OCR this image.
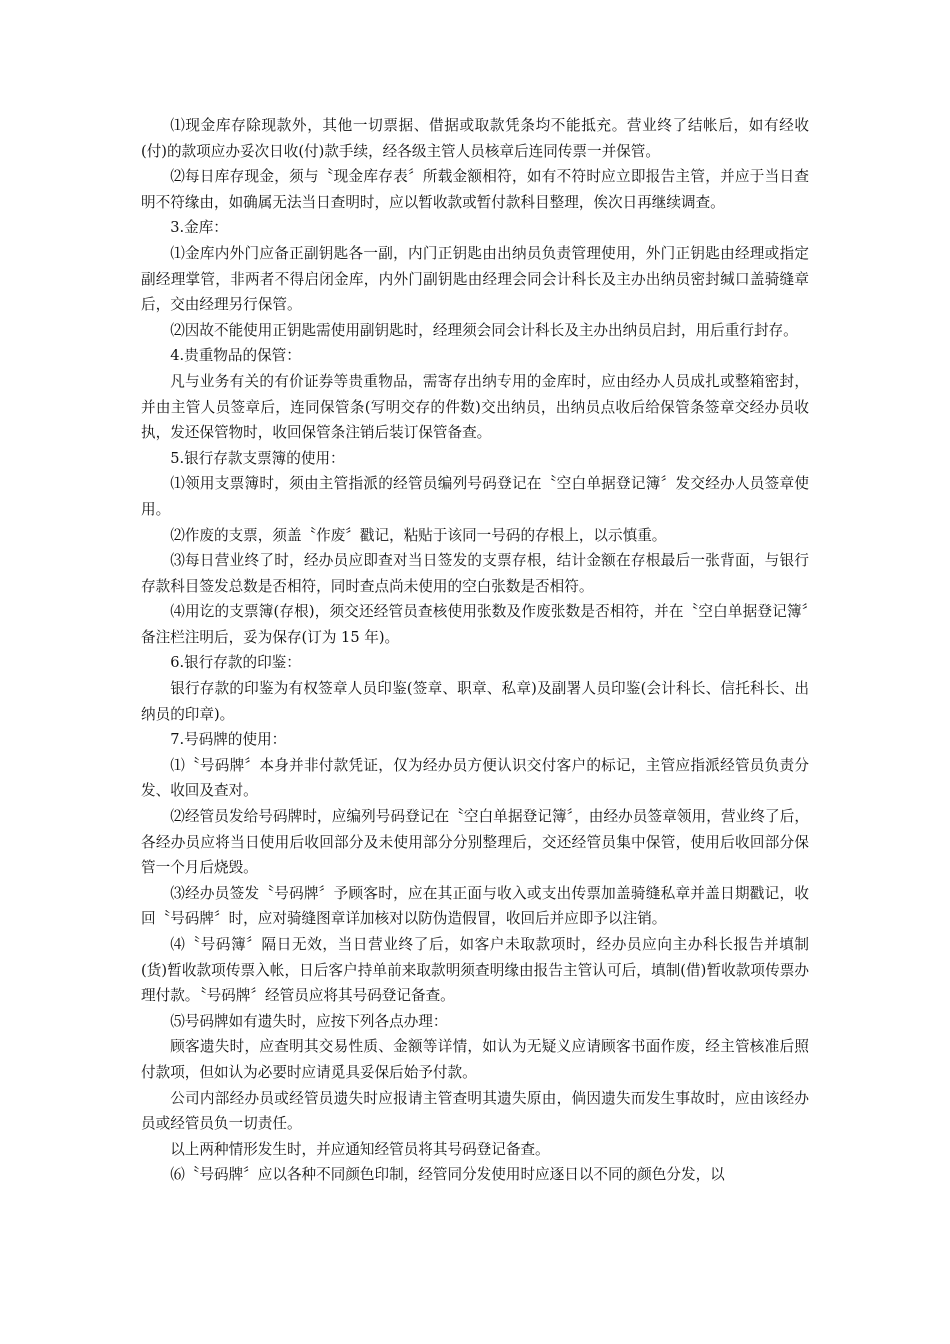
⑴现金库存除现款外，其他一切票据、借据或取款凭条均不能抵充。营业终了结帐后，如有经收(付)的款项应办妥次日收(付)款手续，经各级主管人员核章后连同传票一并保管。

⑵每日库存现金，须与〝现金库存表〞所载金额相符，如有不符时应立即报告主管，并应于当日查明不符缘由，如确属无法当日查明时，应以暂收款或暂付款科目整理，俟次日再继续调查。

3.金库：

⑴金库内外门应备正副钥匙各一副，内门正钥匙由出纳员负责管理使用，外门正钥匙由经理或指定副经理掌管，非两者不得启闭金库，内外门副钥匙由经理会同会计科长及主办出纳员密封缄口盖骑缝章后，交由经理另行保管。

⑵因故不能使用正钥匙需使用副钥匙时，经理须会同会计科长及主办出纳员启封，用后重行封存。

4.贵重物品的保管：

凡与业务有关的有价证券等贵重物品，需寄存出纳专用的金库时，应由经办人员成扎或整箱密封，并由主管人员签章后，连同保管条(写明交存的件数)交出纳员，出纳员点收后给保管条签章交经办员收执，发还保管物时，收回保管条注销后装订保管备查。

5.银行存款支票簿的使用：

⑴领用支票簿时，须由主管指派的经管员编列号码登记在〝空白单据登记簿〞发交经办人员签章使用。

⑵作废的支票，须盖〝作废〞戳记，粘贴于该同一号码的存根上，以示慎重。

⑶每日营业终了时，经办员应即查对当日签发的支票存根，结计金额在存根最后一张背面，与银行存款科目签发总数是否相符，同时查点尚未使用的空白张数是否相符。

⑷用讫的支票簿(存根)，须交还经管员查核使用张数及作废张数是否相符，并在〝空白单据登记簿〞备注栏注明后，妥为保存(订为 15 年)。

6.银行存款的印鉴：

银行存款的印鉴为有权签章人员印鉴(签章、职章、私章)及副署人员印鉴(会计科长、信托科长、出纳员的印章)。

7.号码牌的使用：

⑴〝号码牌〞本身并非付款凭证，仅为经办员方便认识交付客户的标记，主管应指派经管员负责分发、收回及查对。

⑵经管员发给号码牌时，应编列号码登记在〝空白单据登记簿〞，由经办员签章领用，营业终了后，各经办员应将当日使用后收回部分及未使用部分分别整理后，交还经管员集中保管，使用后收回部分保管一个月后烧毁。

⑶经办员签发〝号码牌〞予顾客时，应在其正面与收入或支出传票加盖骑缝私章并盖日期戳记，收回〝号码牌〞时，应对骑缝图章详加核对以防伪造假冒，收回后并应即予以注销。

⑷〝号码簿〞隔日无效，当日营业终了后，如客户未取款项时，经办员应向主办科长报告并填制(货)暂收款项传票入帐，日后客户持单前来取款明须查明缘由报告主管认可后，填制(借)暂收款项传票办理付款。〝号码牌〞经管员应将其号码登记备查。

⑸号码牌如有遗失时，应按下列各点办理：

顾客遗失时，应查明其交易性质、金额等详情，如认为无疑义应请顾客书面作废，经主管核准后照付款项，但如认为必要时应请觅具妥保后始予付款。

公司内部经办员或经管员遗失时应报请主管查明其遗失原由，倘因遗失而发生事故时，应由该经办员或经管员负一切责任。

以上两种情形发生时，并应通知经管员将其号码登记备查。

⑹〝号码牌〞应以各种不同颜色印制，经管同分发使用时应逐日以不同的颜色分发，以
